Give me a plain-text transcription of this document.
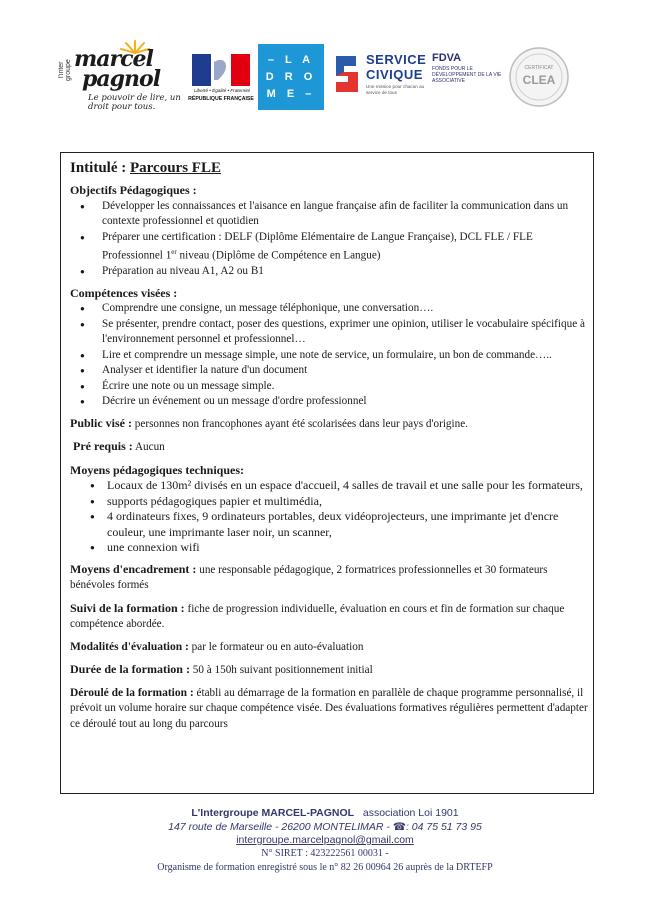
l'inter groupe marcel
pagnol
Le pouvoir de lire, un droit pour tous.
Liberté • Égalité • Fraternité
RÉPUBLIQUE FRANÇAISE
– L A
D R O
M E –
SERVICE
CIVIQUE
Une mission pour chacun au service de tous
FDVA
FONDS POUR LE DÉVELOPPEMENT DE LA VIE ASSOCIATIVE
CERTIFICAT
CLEA
Intitulé : Parcours FLE
Objectifs Pédagogiques :
● Développer les connaissances et l'aisance en langue française afin de faciliter la communication dans un contexte professionnel et quotidien
● Préparer une certification : DELF (Diplôme Elémentaire de Langue Française), DCL FLE / FLE Professionnel 1er niveau (Diplôme de Compétence en Langue)
● Préparation au niveau A1, A2 ou B1
Compétences visées :
● Comprendre une consigne, un message téléphonique, une conversation….
● Se présenter, prendre contact, poser des questions, exprimer une opinion, utiliser le vocabulaire spécifique à l'environnement personnel et professionnel…
● Lire et comprendre un message simple, une note de service, un formulaire, un bon de commande…..
● Analyser et identifier la nature d'un document
● Écrire une note ou un message simple.
● Décrire un événement ou un message d'ordre professionnel
Public visé : personnes non francophones ayant été scolarisées dans leur pays d'origine.
Pré requis : Aucun
Moyens pédagogiques techniques:
● Locaux de 130m² divisés en un espace d'accueil, 4 salles de travail et une salle pour les formateurs,
● supports pédagogiques papier et multimédia,
● 4 ordinateurs fixes, 9 ordinateurs portables, deux vidéoprojecteurs, une imprimante jet d'encre couleur, une imprimante laser noir, un scanner,
● une connexion wifi
Moyens d'encadrement : une responsable pédagogique, 2 formatrices professionnelles et 30 formateurs bénévoles formés
Suivi de la formation : fiche de progression individuelle, évaluation en cours et fin de formation sur chaque compétence abordée.
Modalités d'évaluation : par le formateur ou en auto-évaluation
Durée de la formation : 50 à 150h suivant positionnement initial
Déroulé de la formation : établi au démarrage de la formation en parallèle de chaque programme personnalisé, il prévoit un volume horaire sur chaque compétence visée. Des évaluations formatives régulières permettent d'adapter ce déroulé tout au long du parcours
L'Intergroupe MARCEL-PAGNOL association Loi 1901
147 route de Marseille - 26200 MONTELIMAR - ☎: 04 75 51 73 95
intergroupe.marcelpagnol@gmail.com
N° SIRET : 423222561 00031 -
Organisme de formation enregistré sous le n° 82 26 00964 26 auprès de la DRTEFP
